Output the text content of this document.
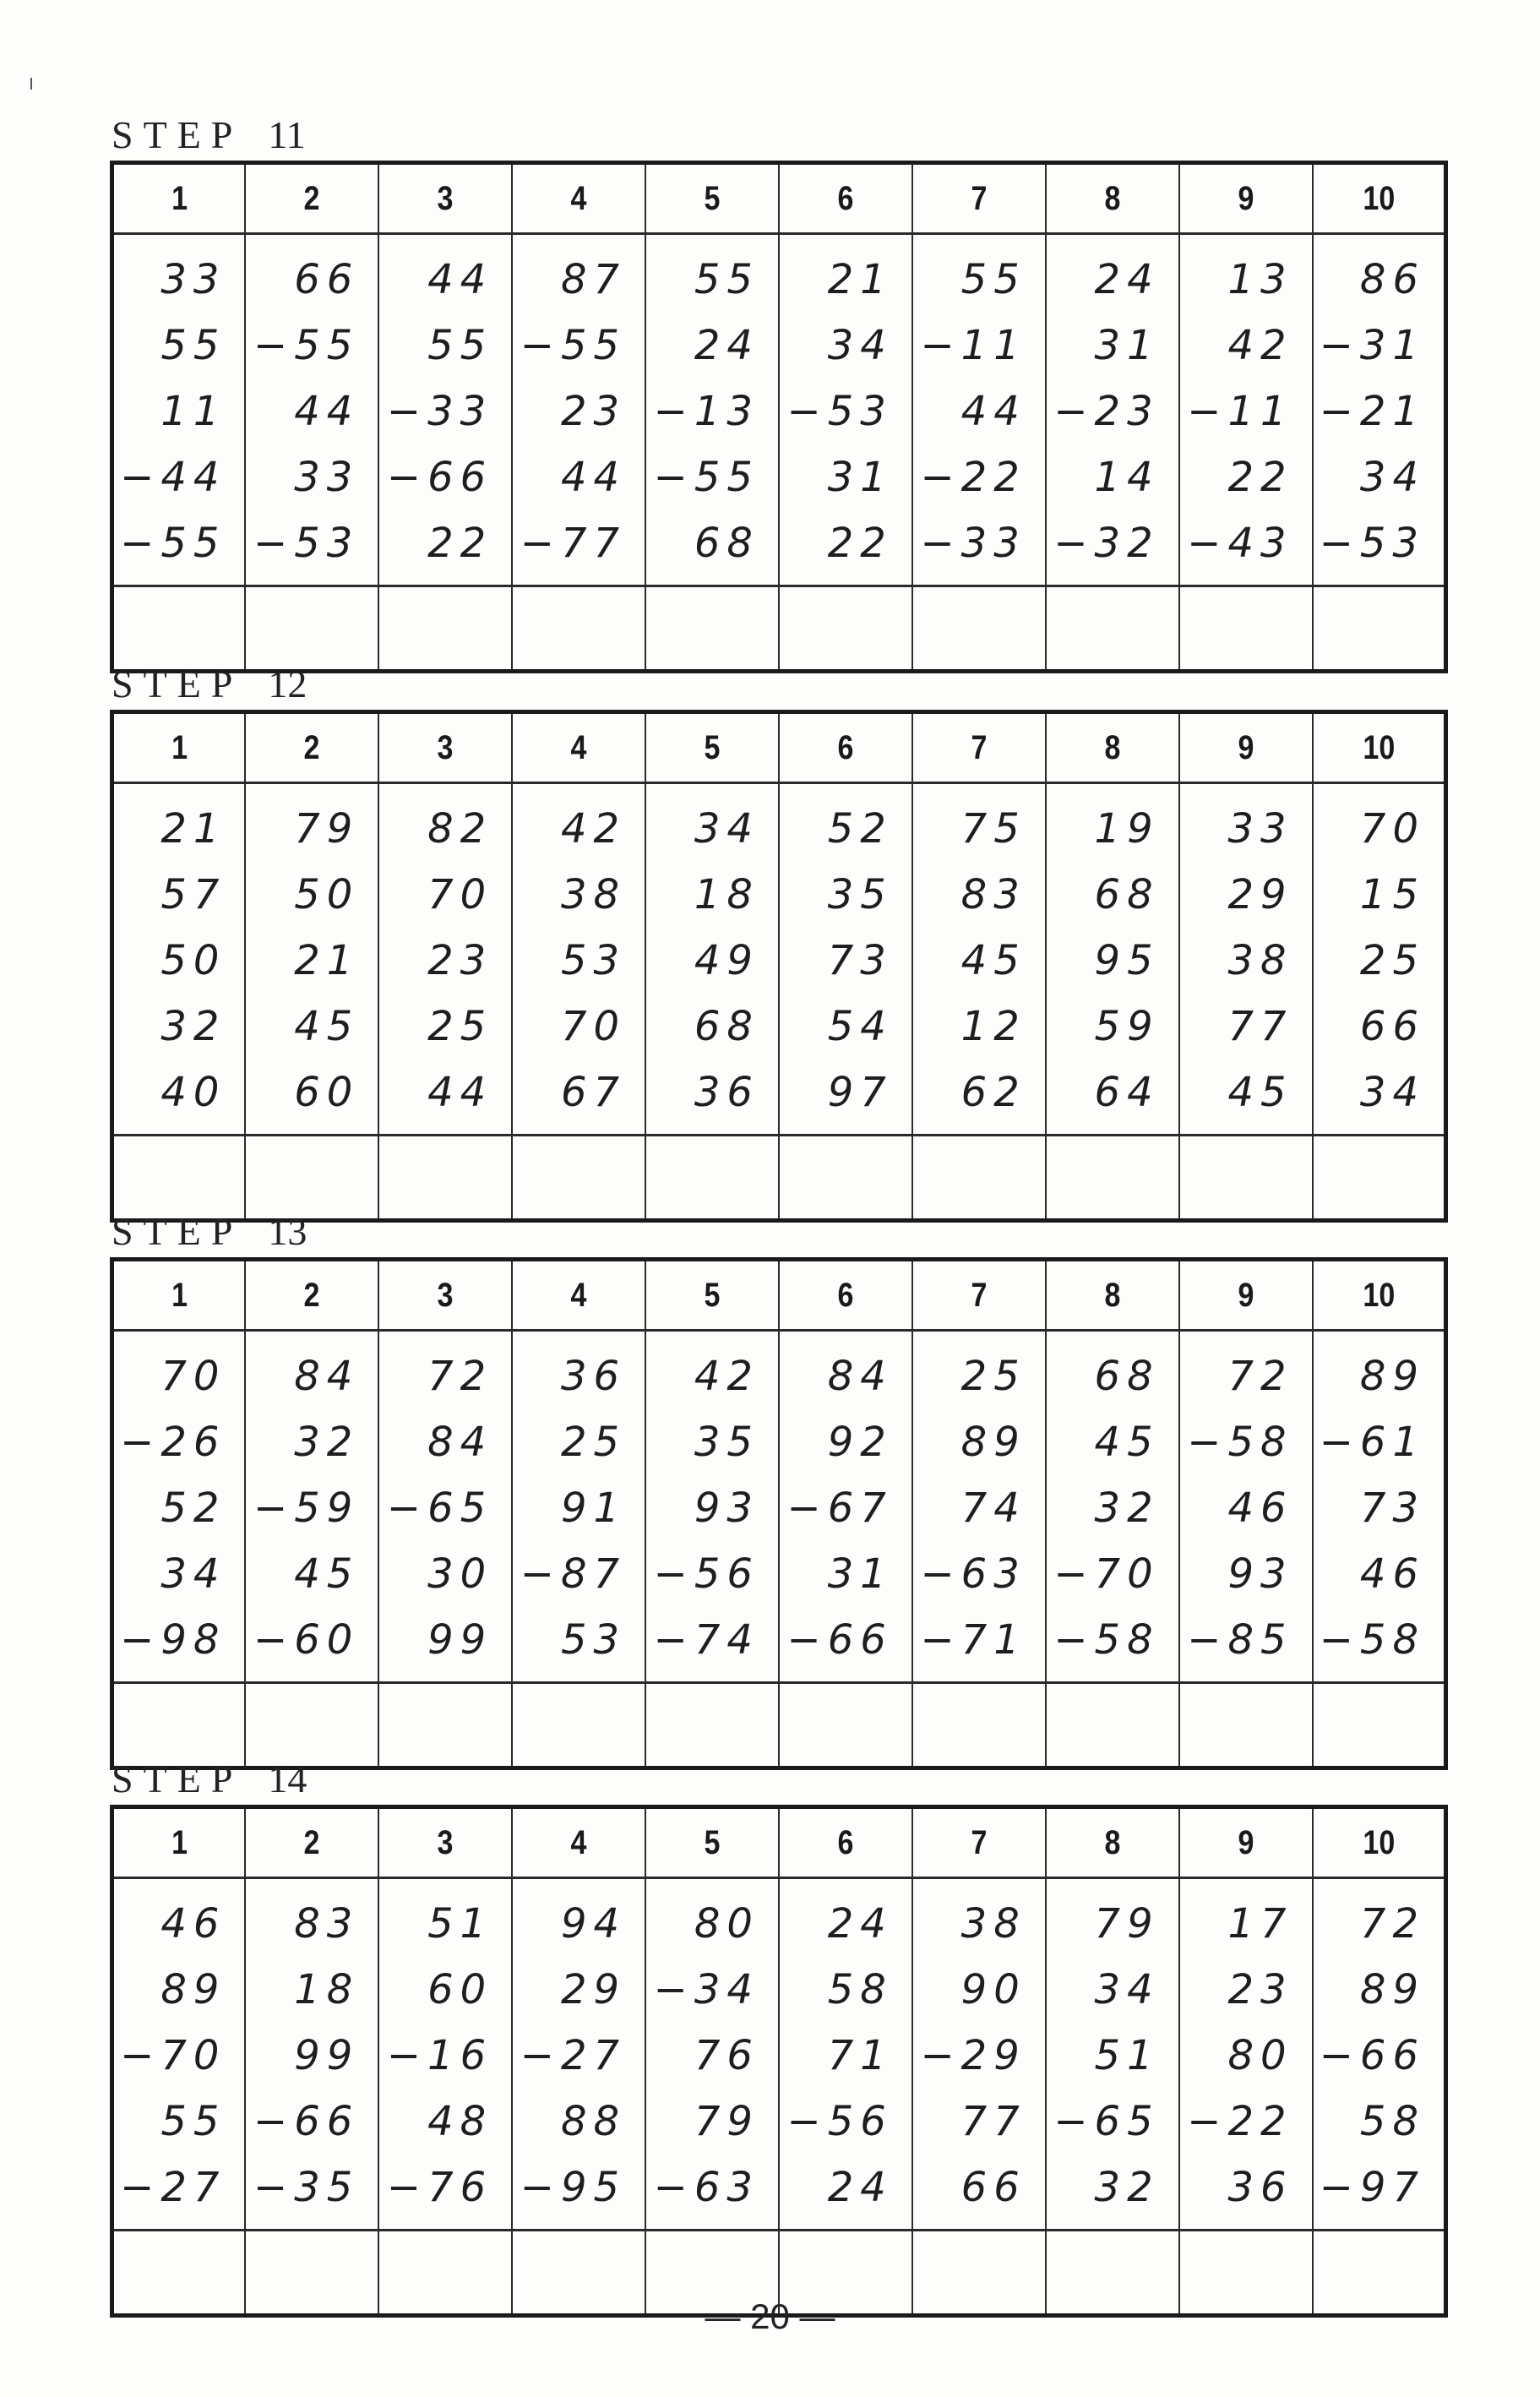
STEP 11
1	2	3	4	5	6	7	8	9	10

33
55
11
−44
−55

66
−55
44
33
−53

44
55
−33
−66
22

87
−55
23
44
−77

55
24
−13
−55
68

21
34
−53
31
22

55
−11
44
−22
−33

24
31
−23
14
−32

13
42
−11
22
−43

86
−31
−21
34
−53

STEP 12
1	2	3	4	5	6	7	8	9	10

21
57
50
32
40

79
50
21
45
60

82
70
23
25
44

42
38
53
70
67

34
18
49
68
36

52
35
73
54
97

75
83
45
12
62

19
68
95
59
64

33
29
38
77
45

70
15
25
66
34

STEP 13
1	2	3	4	5	6	7	8	9	10

70
−26
52
34
−98

84
32
−59
45
−60

72
84
−65
30
99

36
25
91
−87
53

42
35
93
−56
−74

84
92
−67
31
−66

25
89
74
−63
−71

68
45
32
−70
−58

72
−58
46
93
−85

89
−61
73
46
−58

STEP 14
1	2	3	4	5	6	7	8	9	10

46
89
−70
55
−27

83
18
99
−66
−35

51
60
−16
48
−76

94
29
−27
88
−95

80
−34
76
79
−63

24
58
71
−56
24

38
90
−29
77
66

79
34
51
−65
32

17
23
80
−22
36

72
89
−66
58
−97

— 20 —
